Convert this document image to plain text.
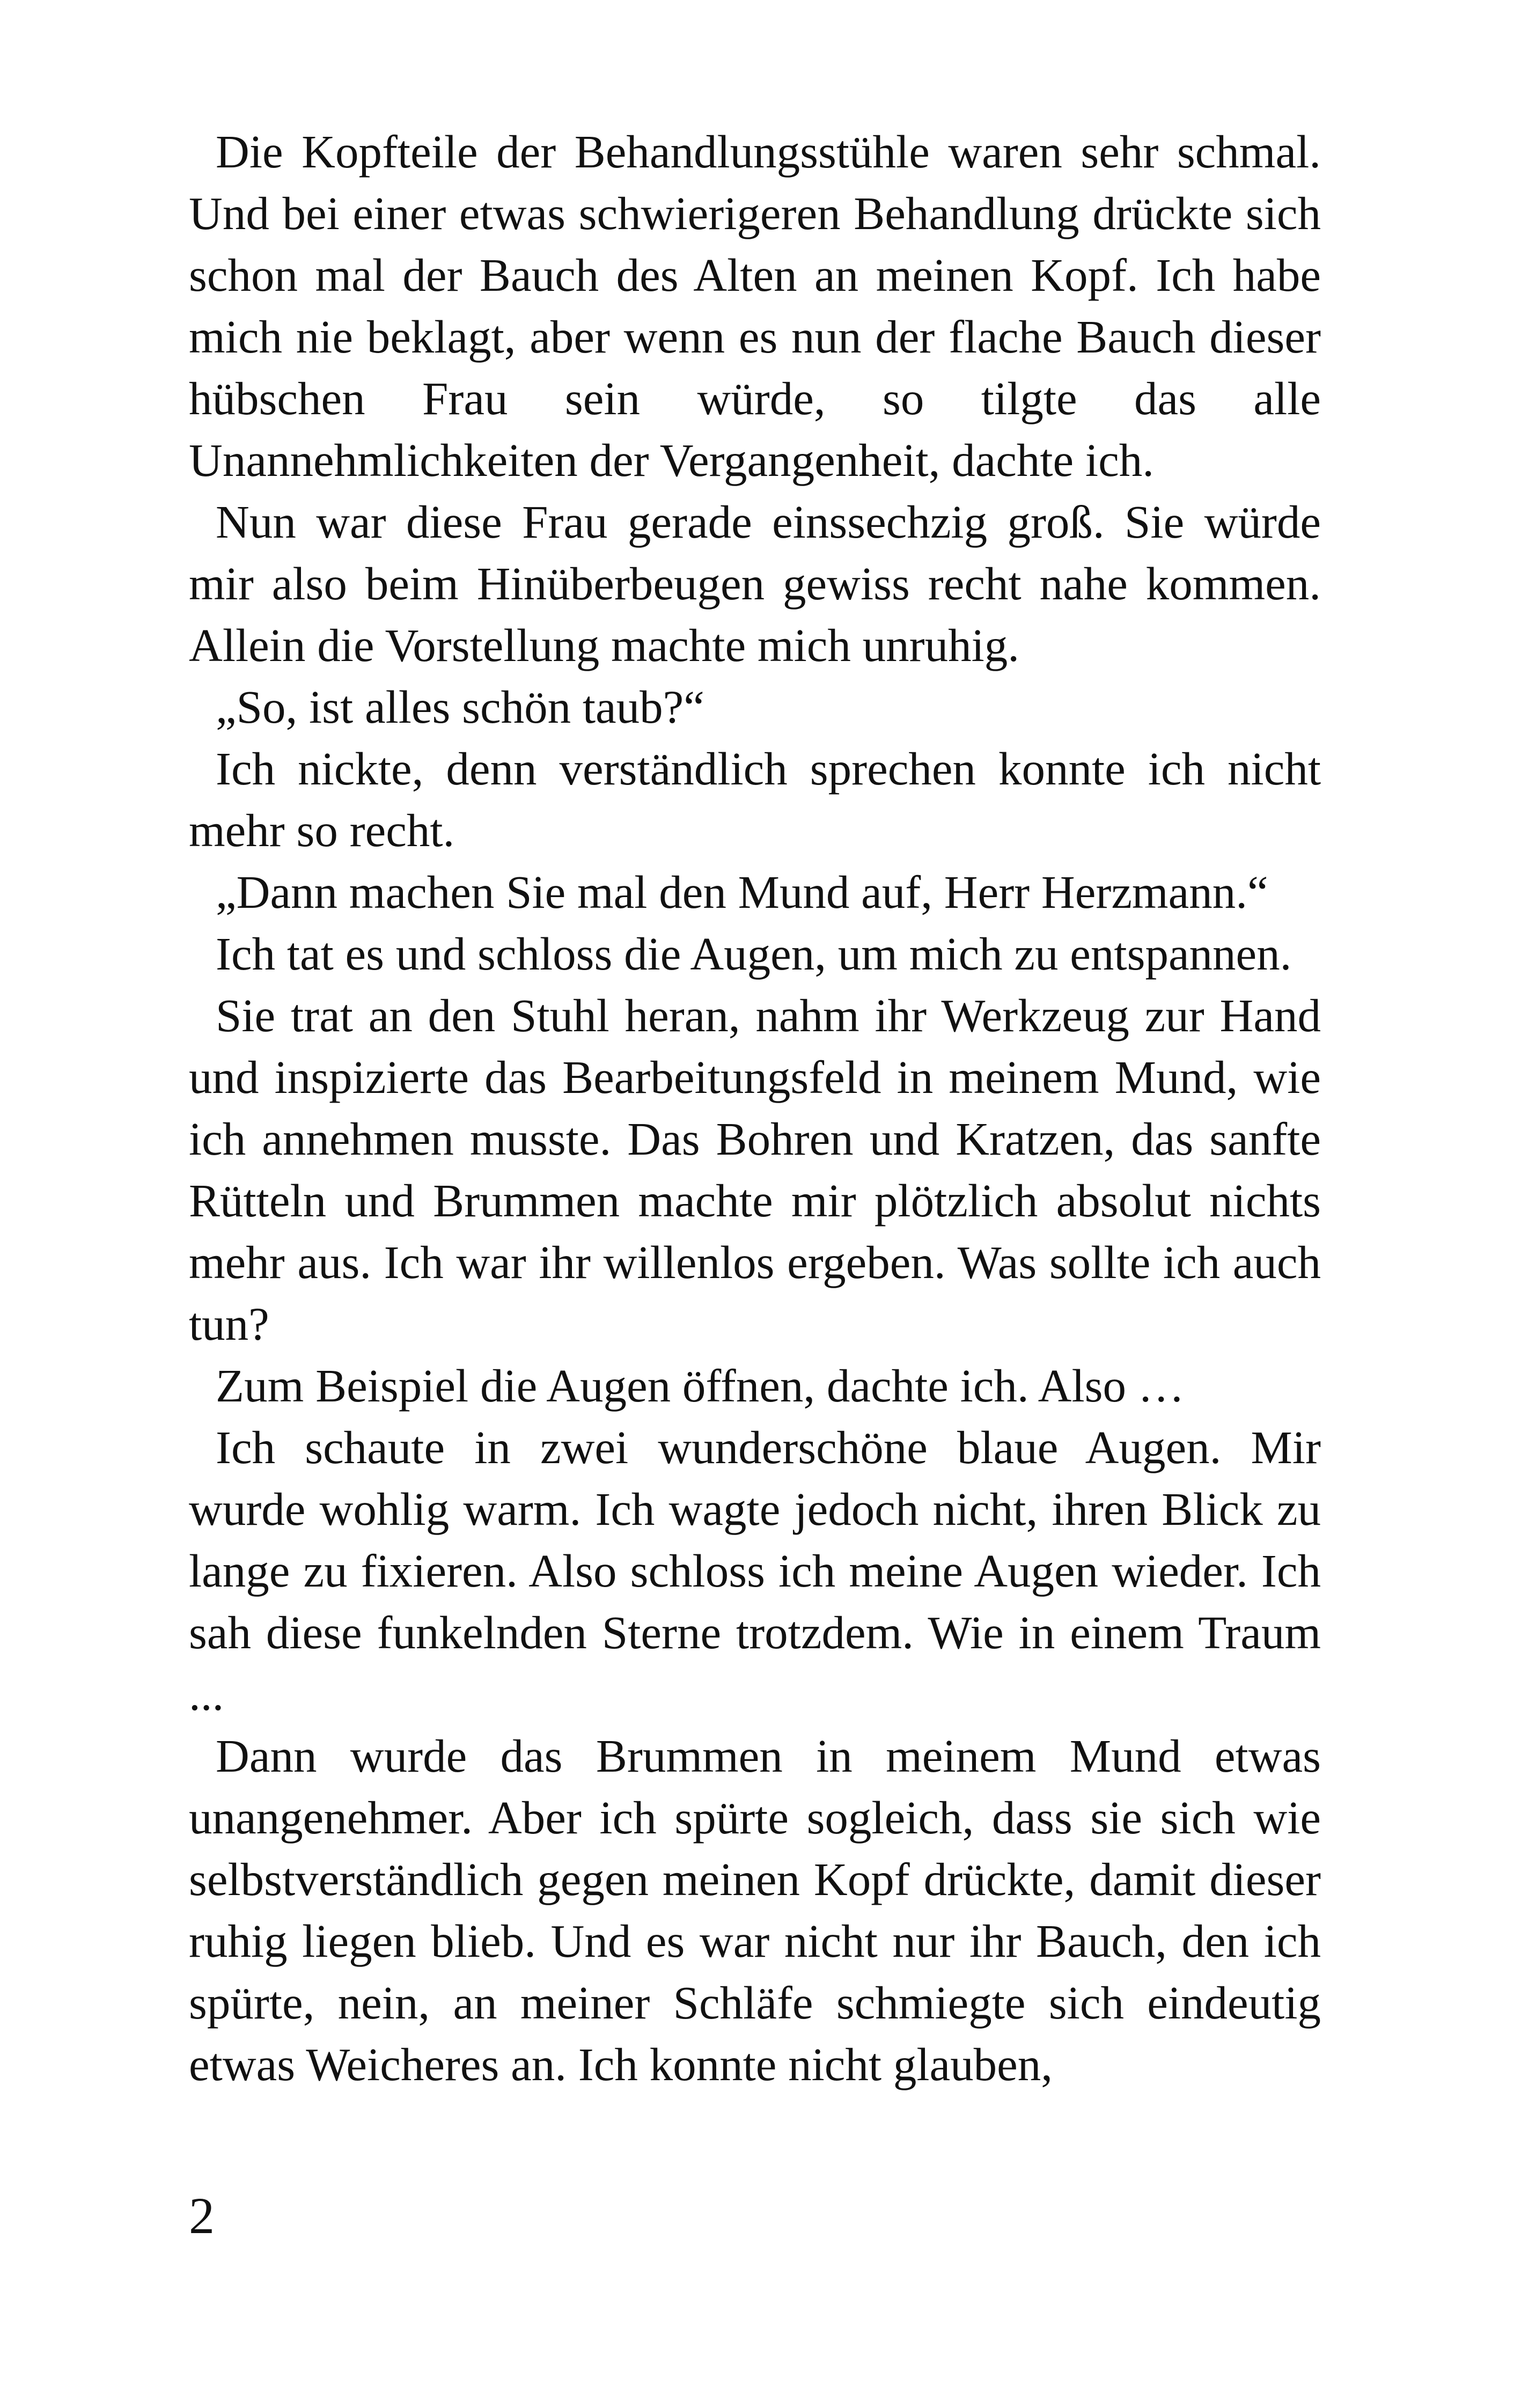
Die Kopfteile der Behandlungsstühle waren sehr schmal. Und bei einer etwas schwierigeren Behandlung drückte sich schon mal der Bauch des Alten an meinen Kopf. Ich habe mich nie beklagt, aber wenn es nun der flache Bauch dieser hübschen Frau sein würde, so tilgte das alle Unannehmlichkeiten der Vergangenheit, dachte ich.

Nun war diese Frau gerade einssechzig groß. Sie würde mir also beim Hinüberbeugen gewiss recht nahe kommen. Allein die Vorstellung machte mich unruhig.

„So, ist alles schön taub?“

Ich nickte, denn verständlich sprechen konnte ich nicht mehr so recht.

„Dann machen Sie mal den Mund auf, Herr Herzmann.“

Ich tat es und schloss die Augen, um mich zu entspannen.

Sie trat an den Stuhl heran, nahm ihr Werkzeug zur Hand und inspizierte das Bearbeitungsfeld in meinem Mund, wie ich annehmen musste. Das Bohren und Kratzen, das sanfte Rütteln und Brummen machte mir plötzlich absolut nichts mehr aus. Ich war ihr willenlos ergeben. Was sollte ich auch tun?

Zum Beispiel die Augen öffnen, dachte ich. Also …

Ich schaute in zwei wunderschöne blaue Augen. Mir wurde wohlig warm. Ich wagte jedoch nicht, ihren Blick zu lange zu fixieren. Also schloss ich meine Augen wieder. Ich sah diese funkelnden Sterne trotzdem. Wie in einem Traum ...

Dann wurde das Brummen in meinem Mund etwas unangenehmer. Aber ich spürte sogleich, dass sie sich wie selbstverständlich gegen meinen Kopf drückte, damit dieser ruhig liegen blieb. Und es war nicht nur ihr Bauch, den ich spürte, nein, an meiner Schläfe schmiegte sich eindeutig etwas Weicheres an. Ich konnte nicht glauben,

2
